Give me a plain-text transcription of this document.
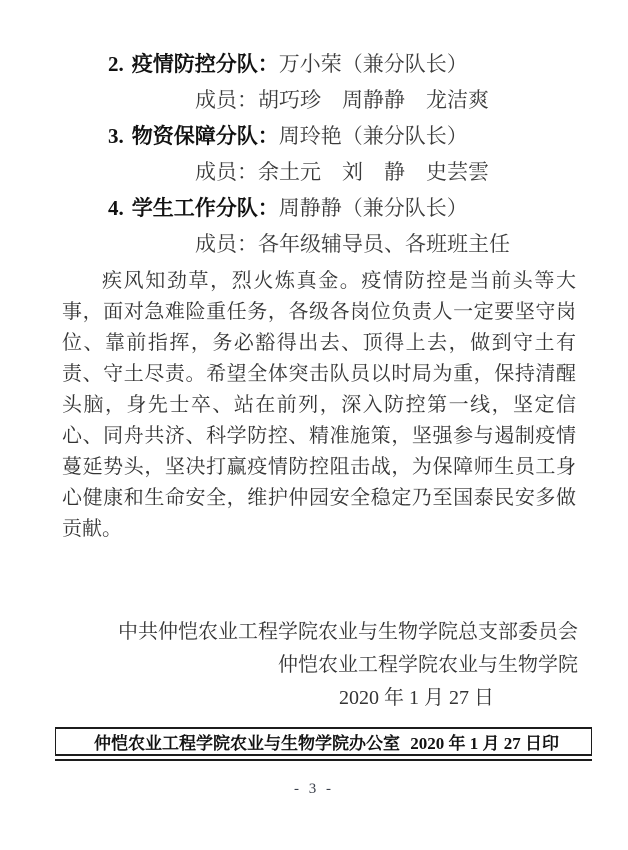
2. 疫情防控分队：万小荣（兼分队长）
成员：胡巧珍　周静静　龙洁爽
3. 物资保障分队：周玲艳（兼分队长）
成员：余土元　刘　静　史芸雲
4. 学生工作分队：周静静（兼分队长）
成员：各年级辅导员、各班班主任

疾风知劲草，烈火炼真金。疫情防控是当前头等大事，面对急难险重任务，各级各岗位负责人一定要坚守岗位、靠前指挥，务必豁得出去、顶得上去，做到守土有责、守土尽责。希望全体突击队员以时局为重，保持清醒头脑，身先士卒、站在前列，深入防控第一线，坚定信心、同舟共济、科学防控、精准施策，坚强参与遏制疫情蔓延势头，坚决打赢疫情防控阻击战，为保障师生员工身心健康和生命安全，维护仲园安全稳定乃至国泰民安多做贡献。

中共仲恺农业工程学院农业与生物学院总支部委员会
仲恺农业工程学院农业与生物学院
2020 年 1 月 27 日
仲恺农业工程学院农业与生物学院办公室 2020 年 1 月 27 日印
- 3 -
